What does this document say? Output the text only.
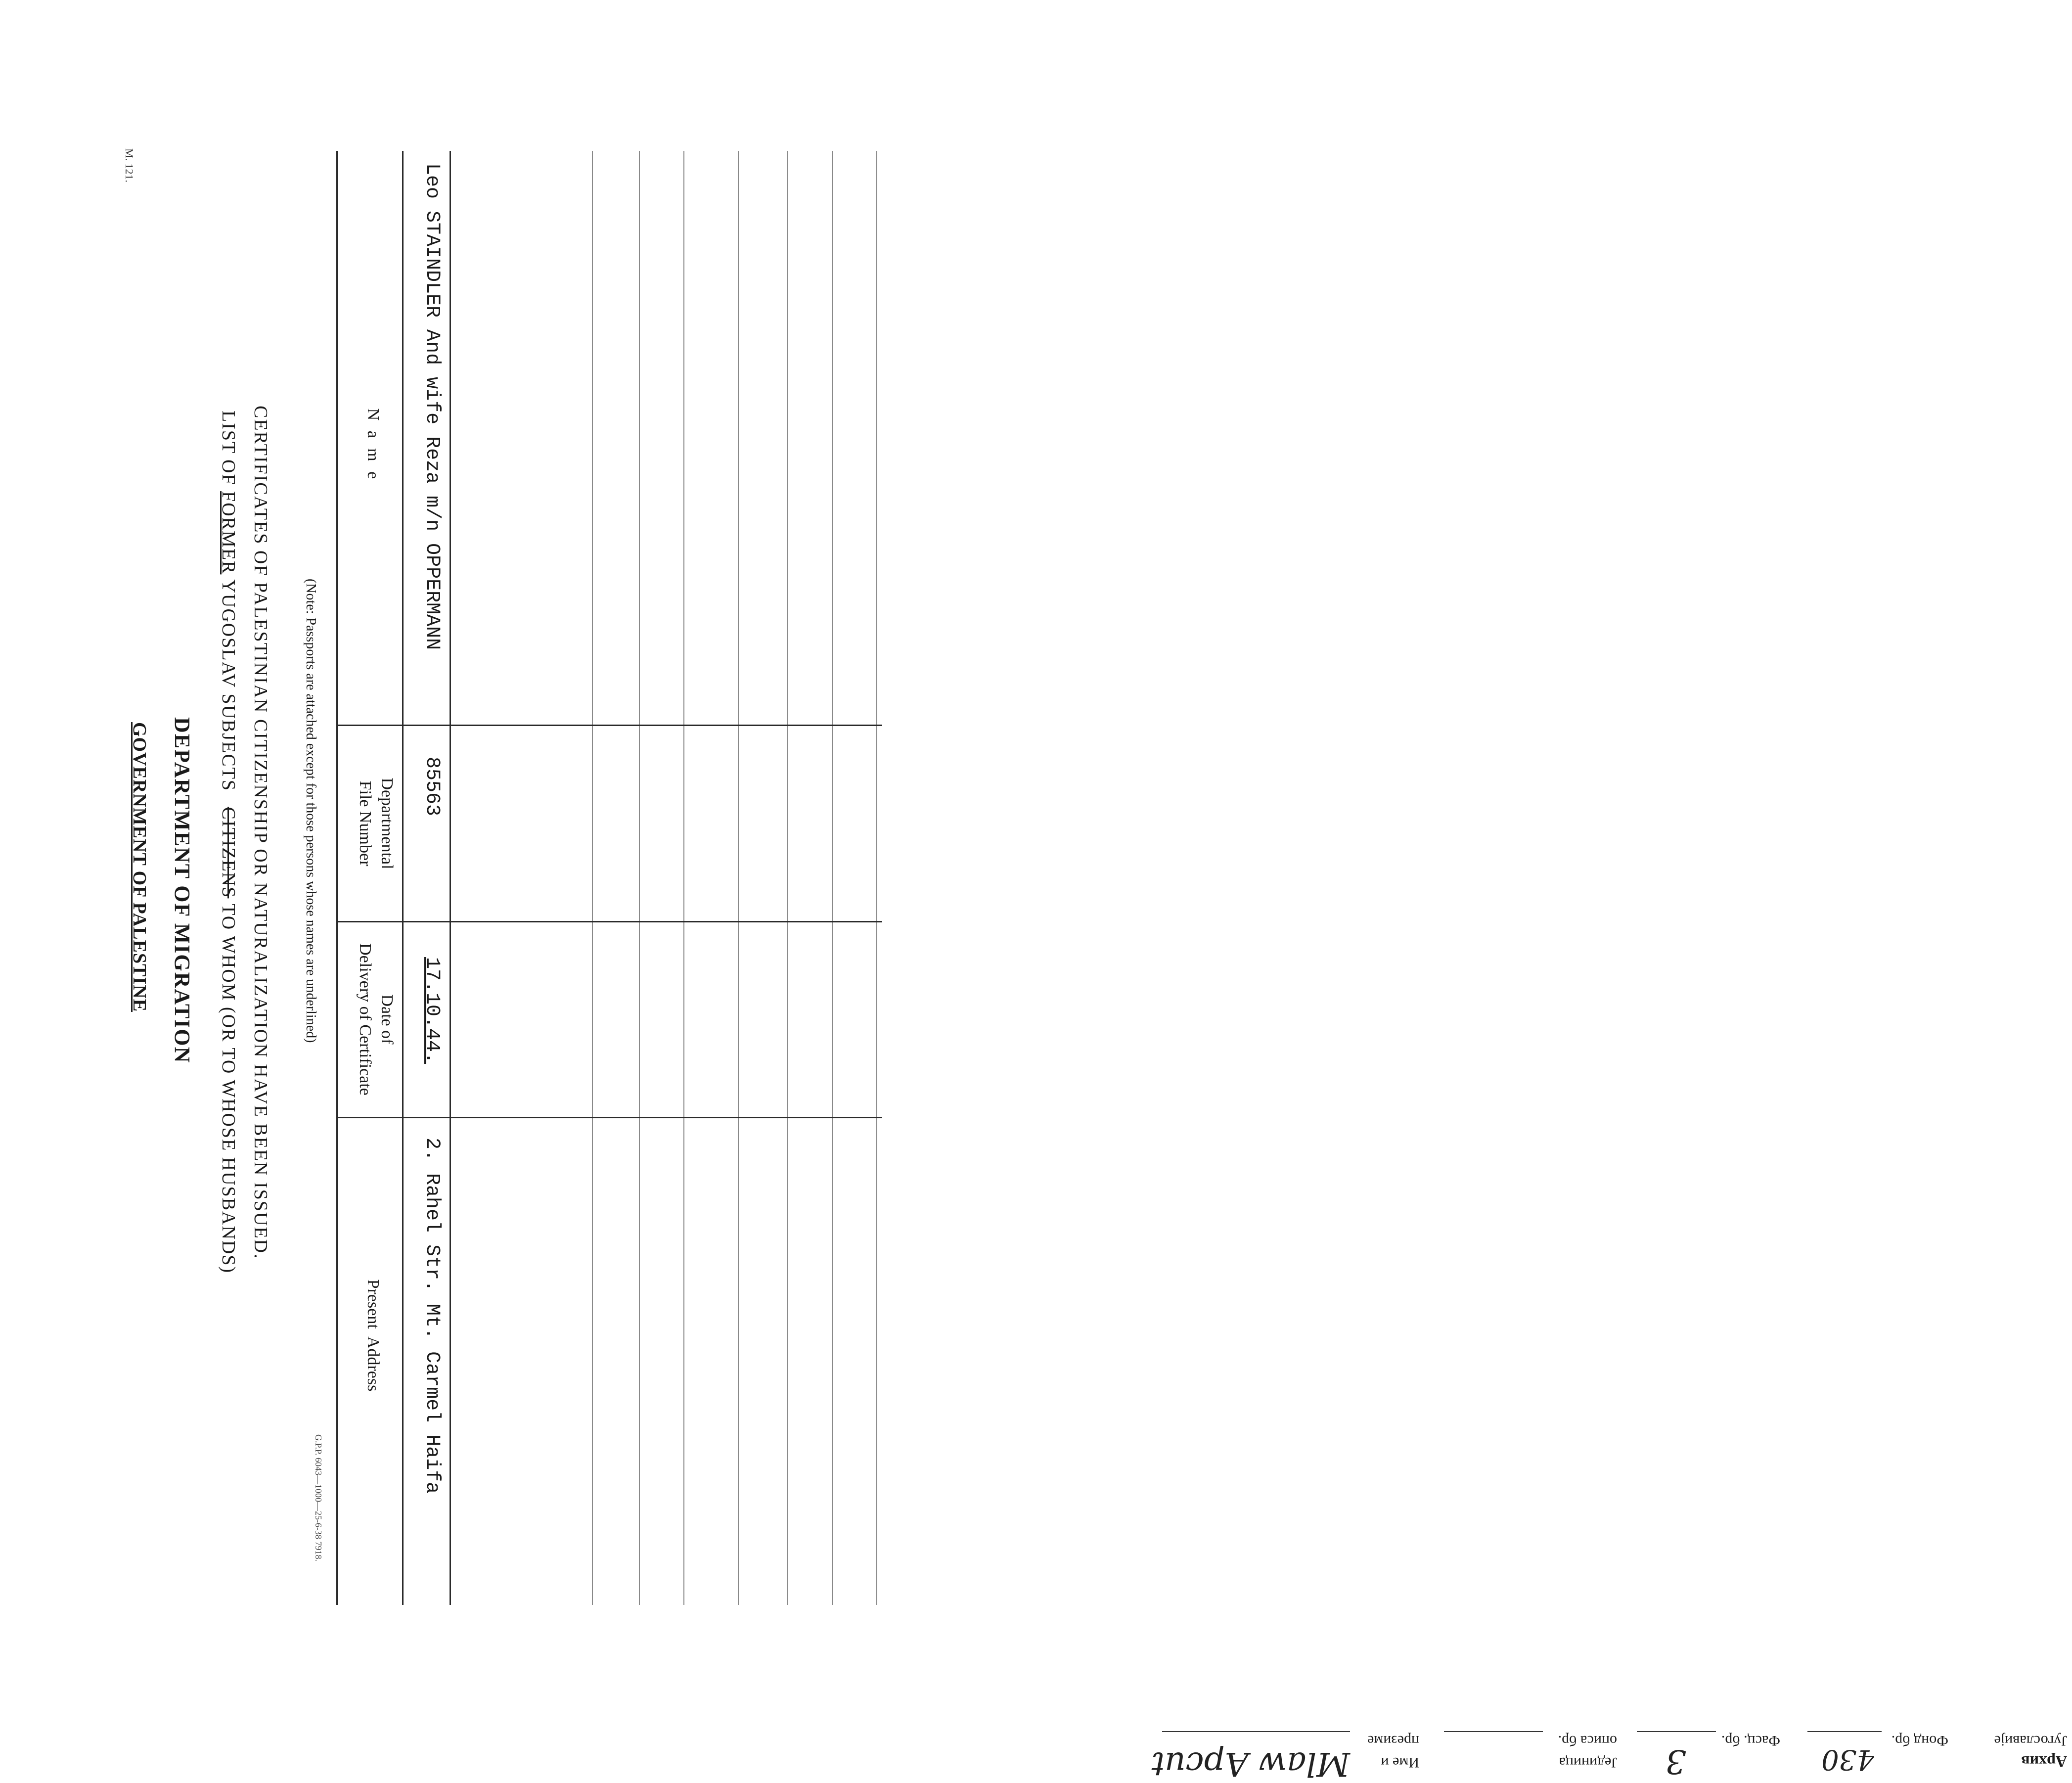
M. 121.
GOVERNMENT OF PALESTINE DEPARTMENT OF MIGRATION
LIST OF FORMER YUGOSLAV SUBJECTS CITIZENS TO WHOM (OR TO WHOSE HUSBANDS) CERTIFICATES OF PALESTINIAN CITIZENSHIP OR NATURALIZATION HAVE BEEN ISSUED. (Note: Passports are attached except for those persons whose names are underlined)
G.P.P. 6043—1000—25-6-38 7918.
N a m e
Departmental
File Number
Date of
Delivery of Certificate
Present  Address
Leo STAINDLER And wife Reza m/n OPPERMANN
85563
17.10.44.
2. Rahel Str. Mt. Carmel Haifa
Архив
Југославије
Фонд бр.
430
Фасц. бр.
3
Јединица
описа бр.
Име и
презиме
Mlaw Apcut
